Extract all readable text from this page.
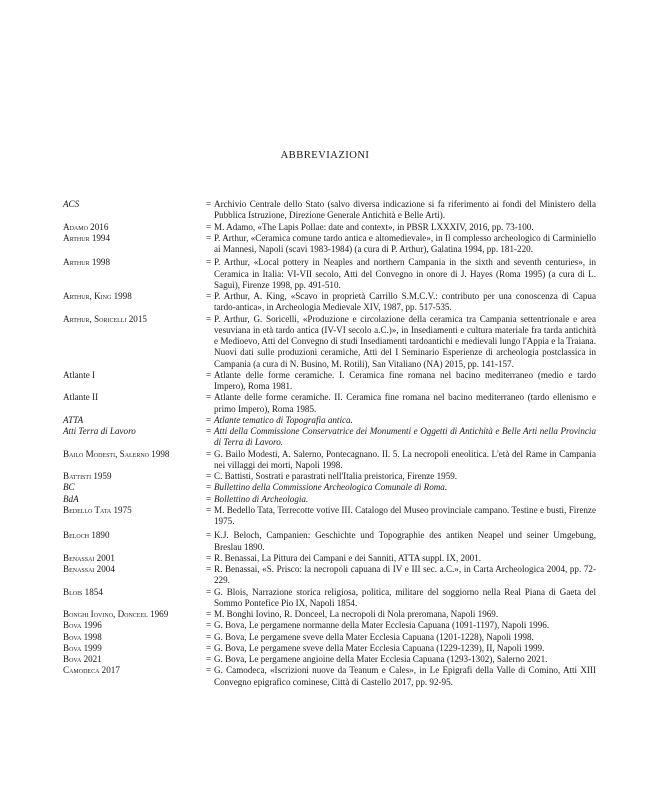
ABBREVIAZIONI
ACS	= Archivio Centrale dello Stato (salvo diversa indicazione si fa riferimento ai fondi del Ministero della Pubblica Istruzione, Direzione Generale Antichità e Belle Arti).
Adamo 2016	= M. Adamo, «The Lapis Pollae: date and context», in PBSR LXXXIV, 2016, pp. 73-100.
Arthur 1994	= P. Arthur, «Ceramica comune tardo antica e altomedievale», in Il complesso archeologico di Carminiello ai Mannesi, Napoli (scavi 1983-1984) (a cura di P. Arthur), Galatina 1994, pp. 181-220.
Arthur 1998	= P. Arthur, «Local pottery in Neaples and northern Campania in the sixth and seventh centuries», in Ceramica in Italia: VI-VII secolo, Atti del Convegno in onore di J. Hayes (Roma 1995) (a cura di L. Saguì), Firenze 1998, pp. 491-510.
Arthur, King 1998	= P. Arthur, A. King, «Scavo in proprietà Carrillo S.M.C.V.: contributo per una conoscenza di Capua tardo-antica», in Archeologia Medievale XIV, 1987, pp. 517-535.
Arthur, Soricelli 2015	= P. Arthur, G. Soricelli, «Produzione e circolazione della ceramica tra Campania settentrionale e area vesuviana in età tardo antica (IV-VI secolo a.C.)», in Insediamenti e cultura materiale fra tarda antichità e Medioevo, Atti del Convegno di studi Insediamenti tardoantichi e medievali lungo l'Appia e la Traiana. Nuovi dati sulle produzioni ceramiche, Atti del I Seminario Esperienze di archeologia postclassica in Campania (a cura di N. Busino, M. Rotili), San Vitaliano (NA) 2015, pp. 141-157.
Atlante I	= Atlante delle forme ceramiche. I. Ceramica fine romana nel bacino mediterraneo (medio e tardo Impero), Roma 1981.
Atlante II	= Atlante delle forme ceramiche. II. Ceramica fine romana nel bacino mediterraneo (tardo ellenismo e primo Impero), Roma 1985.
ATTA	= Atlante tematico di Topografia antica.
Atti Terra di Lavoro	= Atti della Commissione Conservatrice dei Monumenti e Oggetti di Antichità e Belle Arti nella Provincia di Terra di Lavoro.
Bailo Modesti, Salerno 1998	= G. Bailo Modesti, A. Salerno, Pontecagnano. II. 5. La necropoli eneolitica. L'età del Rame in Campania nei villaggi dei morti, Napoli 1998.
Battisti 1959	= C. Battisti, Sostrati e parastrati nell'Italia preistorica, Firenze 1959.
BC	= Bullettino della Commissione Archeologica Comunale di Roma.
BdA	= Bollettino di Archeologia.
Bedello Tata 1975	= M. Bedello Tata, Terrecotte votive III. Catalogo del Museo provinciale campano. Testine e busti, Firenze 1975.
Beloch 1890	= K.J. Beloch, Campanien: Geschichte und Topographie des antiken Neapel und seiner Umgebung, Breslau 1890.
Benassai 2001	= R. Benassai, La Pittura dei Campani e dei Sanniti, ATTA suppl. IX, 2001.
Benassai 2004	= R. Benassai, «S. Prisco: la necropoli capuana di IV e III sec. a.C.», in Carta Archeologica 2004, pp. 72-229.
Blois 1854	= G. Blois, Narrazione storica religiosa, politica, militare del soggiorno nella Real Piana di Gaeta del Sommo Pontefice Pio IX, Napoli 1854.
Bonghi Iovino, Donceel 1969	= M. Bonghi Iovino, R. Donceel, La necropoli di Nola preromana, Napoli 1969.
Bova 1996	= G. Bova, Le pergamene normanne della Mater Ecclesia Capuana (1091-1197), Napoli 1996.
Bova 1998	= G. Bova, Le pergamene sveve della Mater Ecclesia Capuana (1201-1228), Napoli 1998.
Bova 1999	= G. Bova, Le pergamene sveve della Mater Ecclesia Capuana (1229-1239), II, Napoli 1999.
Bova 2021	= G. Bova, Le pergamene angioine della Mater Ecclesia Capuana (1293-1302), Salerno 2021.
Camodeca 2017	= G. Camodeca, «Iscrizioni nuove da Teanum e Cales», in Le Epigrafi della Valle di Comino, Atti XIII Convegno epigrafico cominese, Città di Castello 2017, pp. 92-95.
